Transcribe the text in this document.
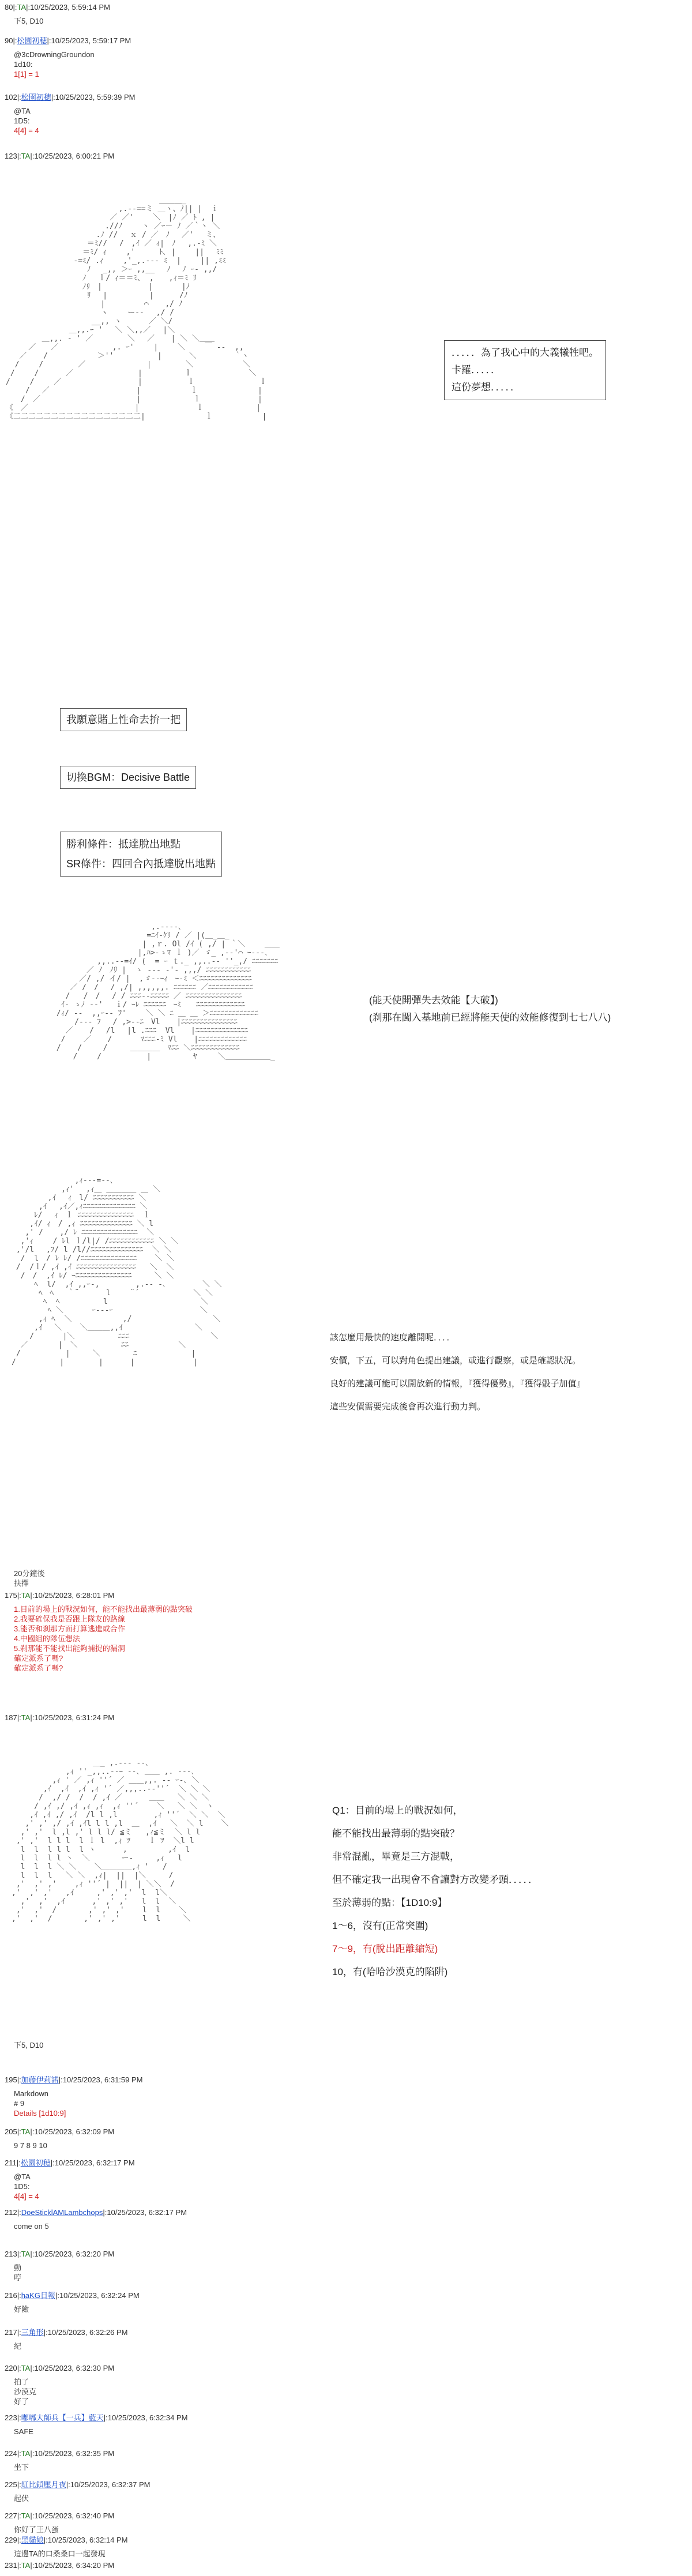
80|:TA|:10/25/2023, 5:59:14 PM
下5, D10
90|:松園初穂|:10/25/2023, 5:59:17 PM
@3cDrowningGroundon
1d10:
1[1] = 1
102|:松園初穂|:10/25/2023, 5:59:39 PM
@TA
1D5:
4[4] = 4
123|:TA|:10/25/2023, 6:00:21 PM
＿＿＿_
,.-‐==ミ ＿ヽ、ﾉ|| |  ｉ
／ ／'　　 ＼　|ﾉ ／ ﾄ , |
.//ﾉ　　 ヽ ／ｰ－ ﾉ ／｀ヽ ＼
.ﾉ //　 ｘ / ／　ﾉ　 ／'　 ミ、
＝ﾐ//　 /　,ｲ ／ ｨ|　ﾉ　 ,.-ﾐ ＼
＝ﾐ/ ｨ　　 ,'　　  ﾄ､ |　　 ||　 ﾐﾐ
‐=ﾐ/ .ｨ 　　,'_,.-‐‐ ﾐ  | 　　|| ,ﾐﾐ
ﾉ　 _,, ＞ｰ ,,__ 　ﾉ　 ﾉ ｰ- ,,/
ﾉ 　ｌ/ ｨ＝＝ﾐ、 ,　　,ｨ＝ﾐ ﾘ
ﾉﾘ　|　　　　 　 |   　　|ﾉ
ﾘ 　|　　　　　 |    　/ﾉ
|　　　 　 ⌒ 　 ,/ ﾉ
ヽ　　 ー‐‐　 ,/ /
__,, ヽ　　　 ／ ＼/
＿,,.ｰ '　 ＼ ＼,,／　 |＼
＿,,. ‐ ' ／　　　　 ＼　 ／ 　 | ＼ ＼＿＿
／　　／　　　　　　  ,. ｰ'　　 | 　　＼　　 ￣ ‐-  ,,
／ 　 /　　　　　　 ＞''　　　 　  |　　　 ＼　　　　　｀ヽ
/　　 /　　　　 ／　　　　　　　  |　　　　 ＼　　　　　　 ＼
/ 　　/ 　　　／ 　　　　　　　　|　　　　　 ｌ　　　　　　　 ＼
/　　 /　　 ／ 　　　　　　　　　 |　　　　　　ｌ　　　　　　　　 ｌ
　　 /　 ／ 　　　　　　　　　　　|　　　　　　 ｌ　　　　　　　　|
　　/　／ 　　　　　　　　　　　  |　　　　　　　ｌ　　　　　　　 |
《　／ 　　　　　　　　　　　　　 |　　　　　　　 ｌ　　　　　　　|
《二二二二二二二二二二二二二二二二二|　　　　　　　　ｌ　　　　　　 |
．．．．．為了我心中的大義犧牲吧。
卡羅．．．．．
這份夢想．．．．．
我願意賭上性命去拚一把
切換BGM：Decisive Battle
勝利條件：抵達脫出地點
SR條件：四回合內抵達脫出地點
,.-‐‐-､
=ﾆｲ-ｹﾘ / ／ |(＿_＿_
| ,ｒ. Ol /ｲ ( ,/ | ｀＼ 　　＿＿
|,ﾊ>‐ゝﾏ ｌ )／ ゞ_ ,-‐'⌒ ｰ-‐‐､
,,..-‐=ｲ/ (  = ｰ ｔ._ ,,..-‐ ''_,/ ﾆﾆﾆﾆﾆﾆﾆ
　  ／ ﾉ　ﾉﾘ |  ゝ -‐- ‐'- ,,,/ ﾆﾆﾆﾆﾆﾆﾆﾆﾆﾆﾆﾆ
／/ ,/ イ/ |  ,ゞ--ｰｨ　ｰ‐ﾐ ＜ﾆﾆﾆﾆﾆﾆﾆﾆﾆﾆﾆﾆﾆﾆ
／ /　/ 　/ ,/| ,,,,,,. ﾆﾆﾆﾆﾆﾆ ／ﾆﾆﾆﾆﾆﾆﾆﾆﾆﾆﾆﾆ
/   /　/ 　/ / ﾆﾆﾆ-‐ﾆﾆﾆﾆﾆ ／ ﾆﾆﾆﾆﾆﾆﾆﾆﾆﾆﾆﾆﾆﾆﾆ
ｲ- ゝﾉ ‐-' 　ｉ/ ｰﾚ ﾆﾆﾆﾆﾆﾆ　ｰﾐ　　ﾆﾆﾆﾆﾆﾆﾆﾆﾆﾆﾆﾆﾆ
/ｨ/ ‐-  ,,ｰ-‐ ﾌ'　　 ＼ ＼ ﾆ ＿ ＿ ＞ﾆﾆﾆﾆﾆﾆﾆﾆﾆﾆﾆﾆﾆ
/‐-‐ ﾌ 　/ ,>‐-ﾆ　Vl　  |ﾆﾆﾆﾆﾆﾆﾆﾆﾆﾆﾆﾆﾆﾆﾆ
／  　/ 　/l 　|l .ﾆﾆﾆ  Vl　  |ﾆﾆﾆﾆﾆﾆﾆﾆﾆﾆﾆﾆﾆﾆ
/    ／ 　 /  　　 ﾏﾆﾆﾆ-ﾐ Vl  　|ﾆﾆﾆﾆﾆﾆﾆﾆﾆﾆﾆﾆﾆ
/  　/ 　  /     ＿＿＿＿　ﾏﾆﾆ ＼ﾆﾆﾆﾆﾆﾆﾆﾆﾆﾆﾆﾆﾆ
　 / 　　/          |     　　 ﾔ  　 ＼＿＿＿＿＿＿_
(能天使開彈失去效能【大破】)
(刹那在闖入基地前已經將能天使的效能修復到七七八八)
,ｨ‐-‐=‐-､
,ｨ'　 ,ｨ＿ ＿＿＿＿ ＿ ＼
,ｲ 　ｨ　l/ ﾆﾆﾆﾆﾆﾆﾆﾆﾆﾆﾆ ＼
,ｲ　 ,ｲ／,ｨﾆﾆﾆﾆﾆﾆﾆﾆﾆﾆﾆﾆﾆﾆ ＼
ﾚ/ 　ｨ　ｌ ﾆﾆﾆﾆﾆﾆﾆﾆﾆﾆﾆﾆﾆﾆﾆ  ｌ
,ｲ/ ｨ　/ ,ｨ ﾆﾆﾆﾆﾆﾆﾆﾆﾆﾆﾆﾆﾆﾆ ＼ l
,' / 　 ,/ ﾚ ﾆﾆﾆﾆﾆﾆﾆﾆﾆﾆﾆﾆﾆﾆﾆ  ＼
,'ｨ 　　/ ﾚl ｌ/l|/ /ﾆﾆﾆﾆﾆﾆﾆﾆﾆﾆﾆﾆ ＼ ＼
,'/l　 ,ﾌ/ l /l//ﾆﾆﾆﾆﾆﾆﾆﾆﾆﾆﾆﾆﾆﾆ  ＼ ＼
/  l　/ ﾚ ﾚ/ /ﾆﾆﾆﾆﾆﾆﾆﾆﾆﾆﾆﾆﾆﾆﾆ    ＼ ＼
/  /ｌ/ ,ｲ ,ｲ ﾆﾆﾆﾆﾆﾆﾆﾆﾆﾆﾆﾆﾆﾆﾆﾆ   ＼  ＼
/　/  ,ｲ ﾚ/ ｰﾆﾆﾆﾆﾆﾆﾆﾆﾆﾆﾆﾆﾆﾆﾆ     ＼ ＼
ﾍ  l/  ,ｲ ,,ｰ-,  　　　 ,.-‐ -､        ＼ ＼
ﾍ　ﾍ   ｀¨　　 　l　　 ¨´　　　　　　  ＼ ＼
ﾍ  ﾍ　　 　　  l　　　  　　 　　　　　 ＼
ﾍ ＼ 　　  ｰ‐‐‐ｰ     　　 　　　　　　＼
,ｨ ﾍ  ＼ 　　　　　  ,/ 　　　 　　 　　　　＼
,ｲ　 ＼    ＼＿＿＿,,ｲ                ＼
/  　　 |＼　　 　 　 ﾆﾆﾆ                  ＼
／　　　　|　＼　　　　   ﾆﾆ           ＼
/  　 　　  |     ＼ 　 　  ﾆ            |
/ 　　　 　 |　　　　 |      |             |
該怎麼用最快的速度離開呢．．．．
安價，下五，可以對角色提出建議，或進行觀察，或是確認狀況。
良好的建議可能可以開放新的情報，『獲得優勢』，『獲得骰子加值』
這些安價需要完成後會再次進行動力判。
20分鐘後
抉擇
175|:TA|:10/25/2023, 6:28:01 PM
1.目前的場上的戰況如何，能不能找出最薄弱的點突破
2.我要確保我是否跟上隊友的路線
3.能否和刹那方面打算逃進或合作
4.中國組的隊伍想法
5.刹那能不能找出能夠捕捉的漏洞
確定派系了嗎?
確定派系了嗎?
187|:TA|:10/25/2023, 6:31:24 PM
＿_ ,.-‐‐ ‐-､
,ｨ ''_,,..-‐ｰ ‐-､ ＿＿ ,. -‐‐､
,ｨ ' ／ ,ｨ ''´ ／ ＿＿,,. -‐ ｰ-､ ＼
,ｲ  ,ｲ  ,ｲ ,ｨ '´ ／,,,..-‐''´  ＼ ＼ ＼
/  ,/ /  /  / ,ｲ ／      ＿＿   ＼ ＼ ＼
/ ,ｲ ,/ ,ｲ ,ｨ ,ｨ  ,ｨ ''´    ＼   ＼ ＼  ヽ
,ｲ ,ｲ ,/ ,ｲ  /l l ,l        ,ｨ ''´  ＼ ＼  ＼
,' ,' ,/ ,ｲ ,ｲl l l ,l  ＿  ,ｲ   ＼  ＼ l    ＼
,' ,'  l ,l ,' l l l/ ≦ミ   ,ｨ≦ミ  ＼ l l
,' ,'  l l l  l ｌ l  ,ｨ ﾂ    ｌ ﾂ  ＼l l
l  l  l l l  l ヽ      ,         ,ｲ  l
l  l  l l ヽ  ＼       ー-     ,ｨ   l
l  l  l ＼ ＼    ＼＿＿＿＿,ｨ '   /
l  l  l   ＼ ＼  ,ｨ|  ||  |＼     /
,'  ,' ,'    ,ｨ ''´ |  ||  | ＼＼  /
,'  ,' ,'   ,ｲ     ,' ,' ,'  l  l＼
,'  ,'  ,ｲ      ,' ,' ,'   l  l  ＼
,'  ,'  /       ,' ,' ,'    l  l    ＼
,'  ,'  /       ,' ,' ,'     l  l     ＼
Q1：目前的場上的戰況如何，
能不能找出最薄弱的點突破？
非常混亂，畢竟是三方混戰，
但不確定我一出現會不會讓對方改變矛頭．．．．．
至於薄弱的點：【1D10:9】
1～6，沒有(正常突圍)
7～9，有(脫出距離縮短)
10，有(哈哈沙漠克的陷阱)
下5, D10
195|:加藤伊莉諾|:10/25/2023, 6:31:59 PM
Markdown
# 9
Details [1d10:9]
205|:TA|:10/25/2023, 6:32:09 PM
9 7 8 9 10
211|:松園初穂|:10/25/2023, 6:32:17 PM
@TA
1D5:
4[4] = 4
212|:DoeSticklAMLambchops|:10/25/2023, 6:32:17 PM
come on 5
213|:TA|:10/25/2023, 6:32:20 PM
動
哼
216|:haKG日報|:10/25/2023, 6:32:24 PM
好險
217|:三角形|:10/25/2023, 6:32:26 PM
紀
220|:TA|:10/25/2023, 6:32:30 PM
拍了
沙漠克
好了
223|:嘟嘟大師兵【一兵】藍天|:10/25/2023, 6:32:34 PM
SAFE
224|:TA|:10/25/2023, 6:32:35 PM
坐下
225|:紅比鎖壓月夜|:10/25/2023, 6:32:37 PM
起伏
227|:TA|:10/25/2023, 6:32:40 PM
你好了王八蛋
229|:黑貓娘|:10/25/2023, 6:32:14 PM
這邊TA的口桑桑口一起發現
231|:TA|:10/25/2023, 6:34:20 PM
